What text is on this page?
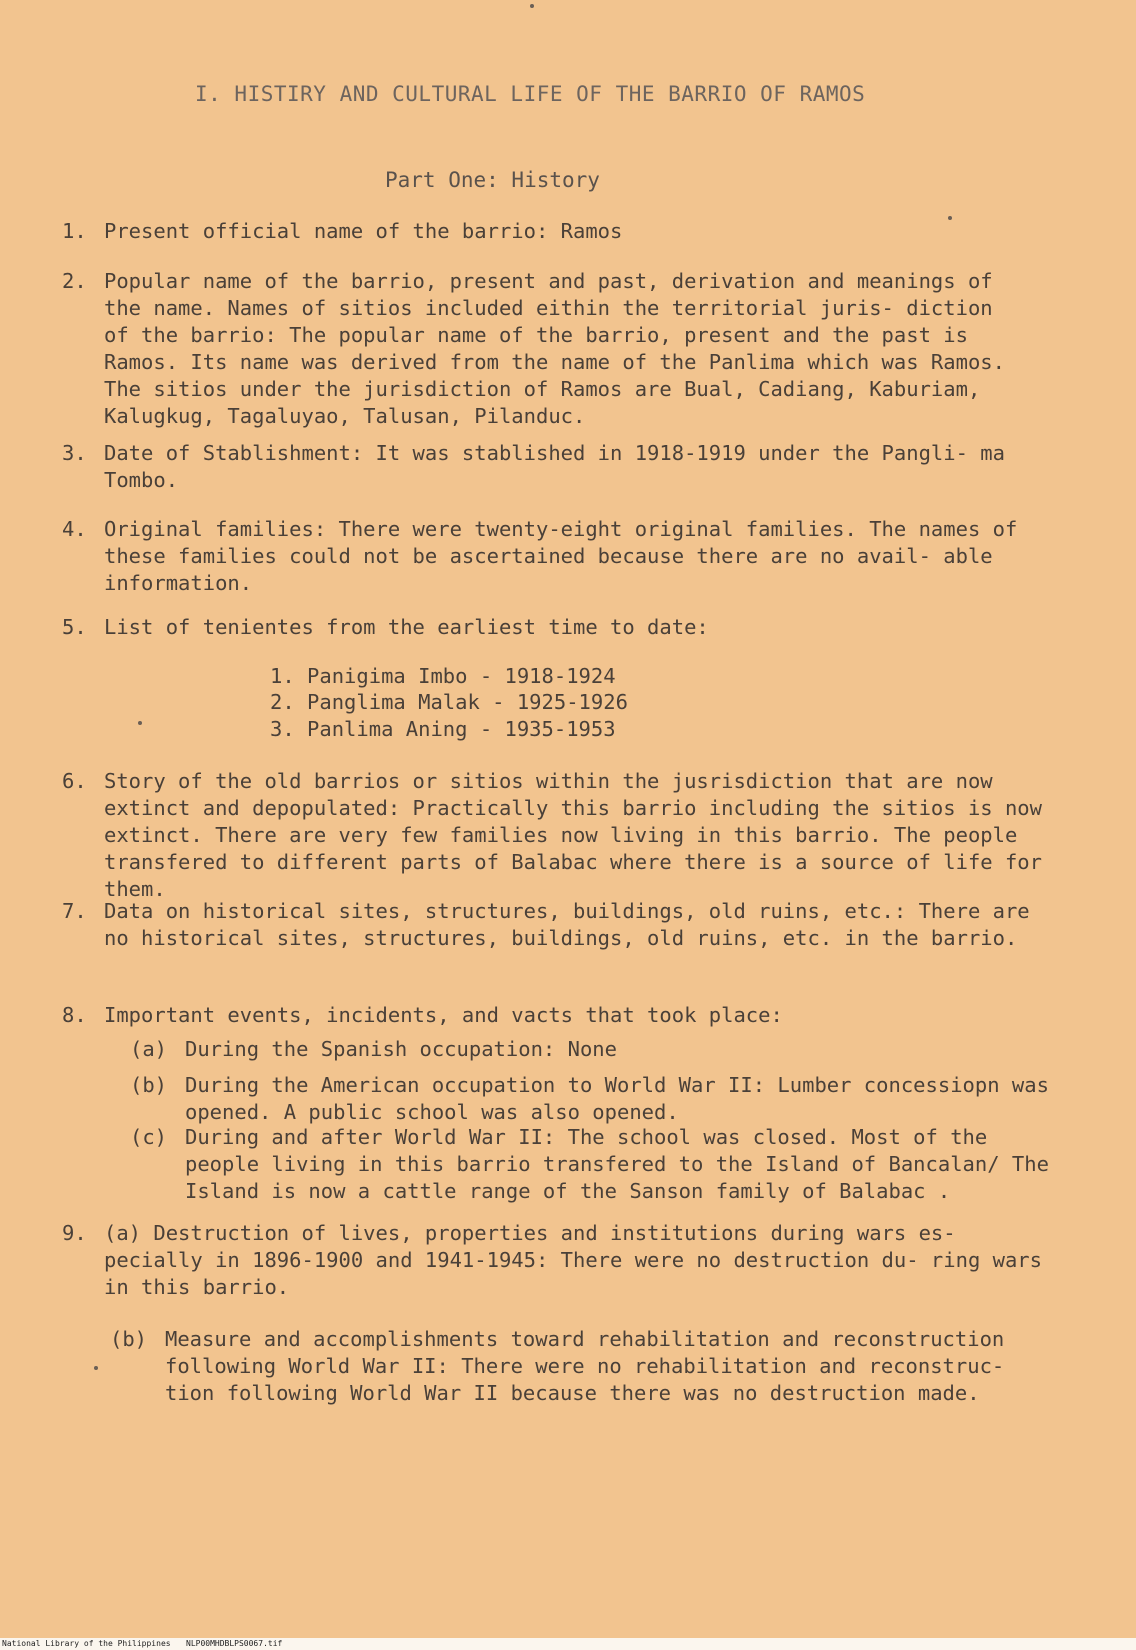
I. HISTIRY AND CULTURAL LIFE OF THE BARRIO OF RAMOS
Part One: History
1. Present official name of the barrio: Ramos
2. Popular name of the barrio, present and past, derivation and meanings of the name. Names of sitios included eithin the territorial juris- diction of the barrio: The popular name of the barrio, present and the past is Ramos. Its name was derived from the name of the Panlima which was Ramos. The sitios under the jurisdiction of Ramos are Bual, Cadiang, Kaburiam, Kalugkug, Tagaluyao, Talusan, Pilanduc.
3. Date of Stablishment: It was stablished in 1918-1919 under the Pangli- ma Tombo.
4. Original families: There were twenty-eight original families. The names of these families could not be ascertained because there are no avail- able information.
5. List of tenientes from the earliest time to date:
1. Panigima Imbo - 1918-1924
2. Panglima Malak - 1925-1926
3. Panlima Aning - 1935-1953
6. Story of the old barrios or sitios within the jusrisdiction that are now extinct and depopulated: Practically this barrio including the sitios is now extinct. There are very few families now living in this barrio. The people transfered to different parts of Balabac where there is a source of life for them.
7. Data on historical sites, structures, buildings, old ruins, etc.: There are no historical sites, structures, buildings, old ruins, etc. in the barrio.
8. Important events, incidents, and vacts that took place:
(a) During the Spanish occupation: None
(b) During the American occupation to World War II: Lumber concessiopn was opened. A public school was also opened.
(c) During and after World War II: The school was closed. Most of the people living in this barrio transfered to the Island of Bancalan/ The Island is now a cattle range of the Sanson family of Balabac .
9. (a) Destruction of lives, properties and institutions during wars es- pecially in 1896-1900 and 1941-1945: There were no destruction du- ring wars in this barrio.
(b) Measure and accomplishments toward rehabilitation and reconstruction following World War II: There were no rehabilitation and reconstruc- tion following World War II because there was no destruction made.
National Library of the Philippines NLP00MHDBLPS0067.tif
